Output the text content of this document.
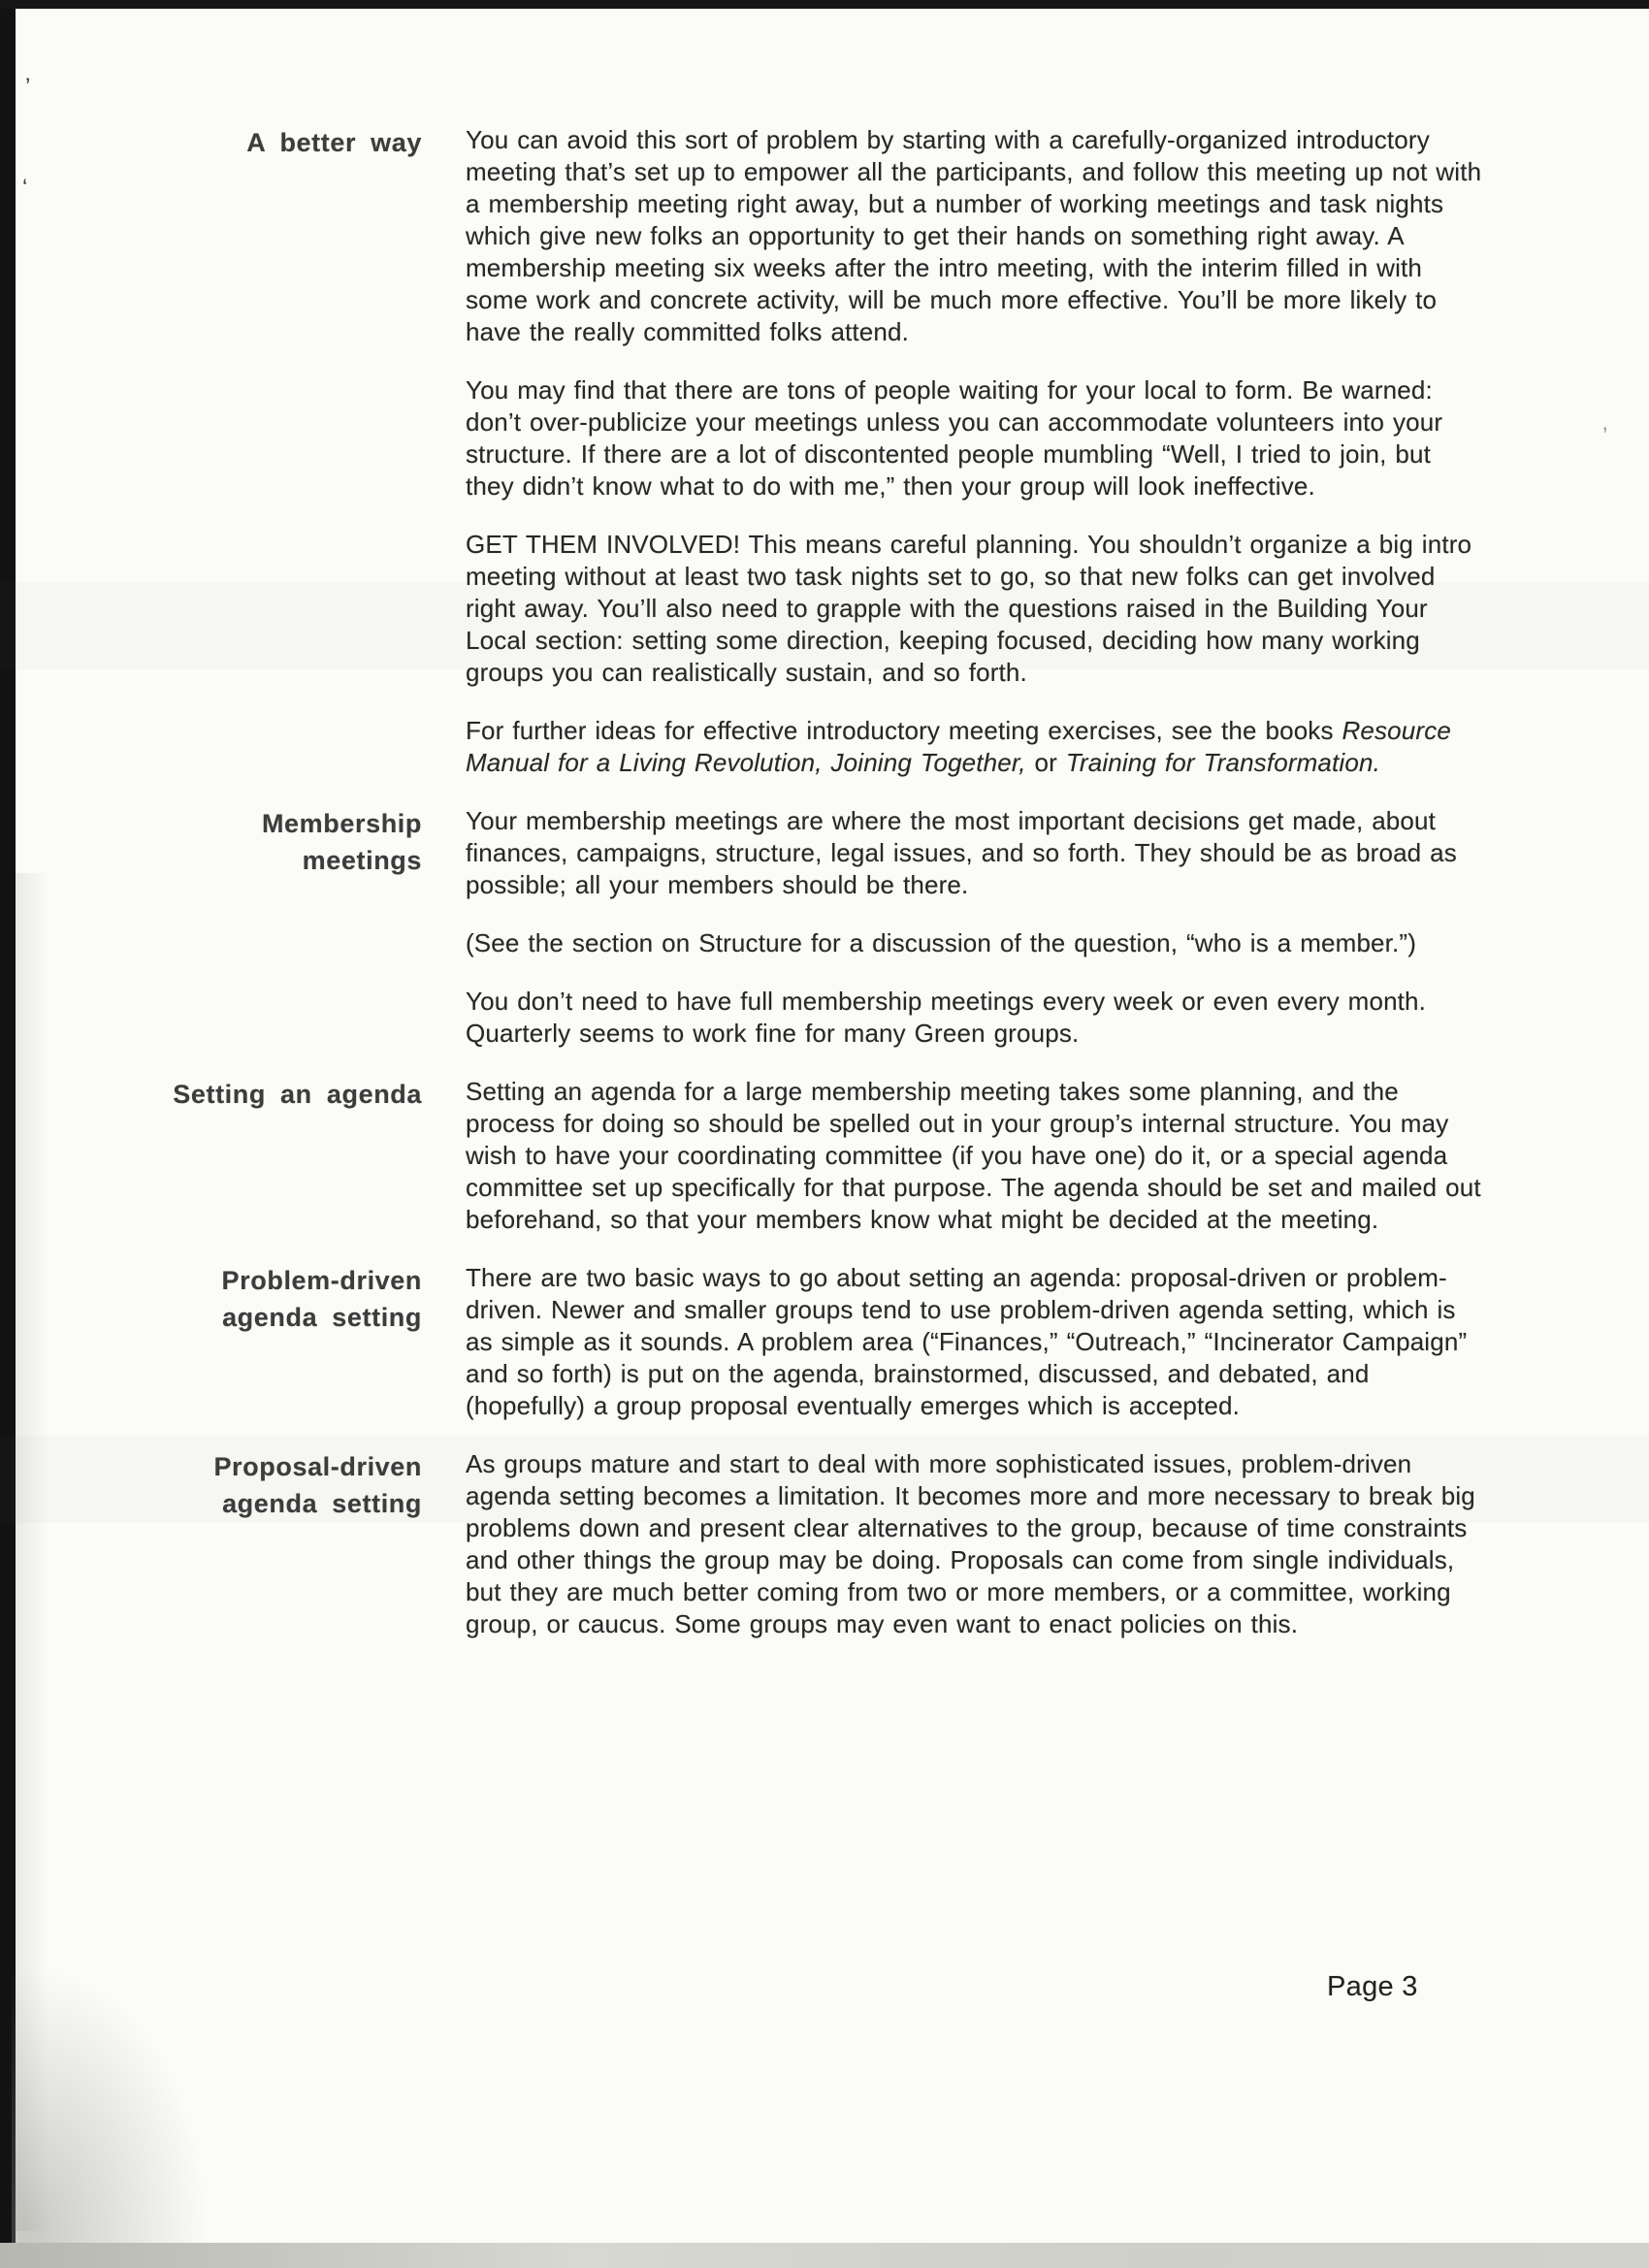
’
‘
’
A better way You can avoid this sort of problem by starting with a carefully-organized introductory meeting that’s set up to empower all the participants, and follow this meeting up not with a membership meeting right away, but a number of working meetings and task nights which give new folks an opportunity to get their hands on something right away. A membership meeting six weeks after the intro meeting, with the interim filled in with some work and concrete activity, will be much more effective. You’ll be more likely to have the really committed folks attend.

You may find that there are tons of people waiting for your local to form. Be warned: don’t over-publicize your meetings unless you can accommodate volunteers into your structure. If there are a lot of discontented people mumbling “Well, I tried to join, but they didn’t know what to do with me,” then your group will look ineffective.

GET THEM INVOLVED! This means careful planning. You shouldn’t organize a big intro meeting without at least two task nights set to go, so that new folks can get involved right away. You’ll also need to grapple with the questions raised in the Building Your Local section: setting some direction, keeping focused, deciding how many working groups you can realistically sustain, and so forth.

For further ideas for effective introductory meeting exercises, see the books Resource Manual for a Living Revolution, Joining Together, or Training for Transformation.

Membership meetings

Your membership meetings are where the most important decisions get made, about finances, campaigns, structure, legal issues, and so forth. They should be as broad as possible; all your members should be there.

(See the section on Structure for a discussion of the question, “who is a member.”)

You don’t need to have full membership meetings every week or even every month. Quarterly seems to work fine for many Green groups.

Setting an agenda Setting an agenda for a large membership meeting takes some planning, and the process for doing so should be spelled out in your group’s internal structure. You may wish to have your coordinating committee (if you have one) do it, or a special agenda committee set up specifically for that purpose. The agenda should be set and mailed out beforehand, so that your members know what might be decided at the meeting.

Problem-driven agenda setting

There are two basic ways to go about setting an agenda: proposal-driven or problem-driven. Newer and smaller groups tend to use problem-driven agenda setting, which is as simple as it sounds. A problem area (“Finances,” “Outreach,” “Incinerator Campaign” and so forth) is put on the agenda, brainstormed, discussed, and debated, and (hopefully) a group proposal eventually emerges which is accepted.

Proposal-driven agenda setting

As groups mature and start to deal with more sophisticated issues, problem-driven agenda setting becomes a limitation. It becomes more and more necessary to break big problems down and present clear alternatives to the group, because of time constraints and other things the group may be doing. Proposals can come from single individuals, but they are much better coming from two or more members, or a committee, working group, or caucus. Some groups may even want to enact policies on this.

Page 3
